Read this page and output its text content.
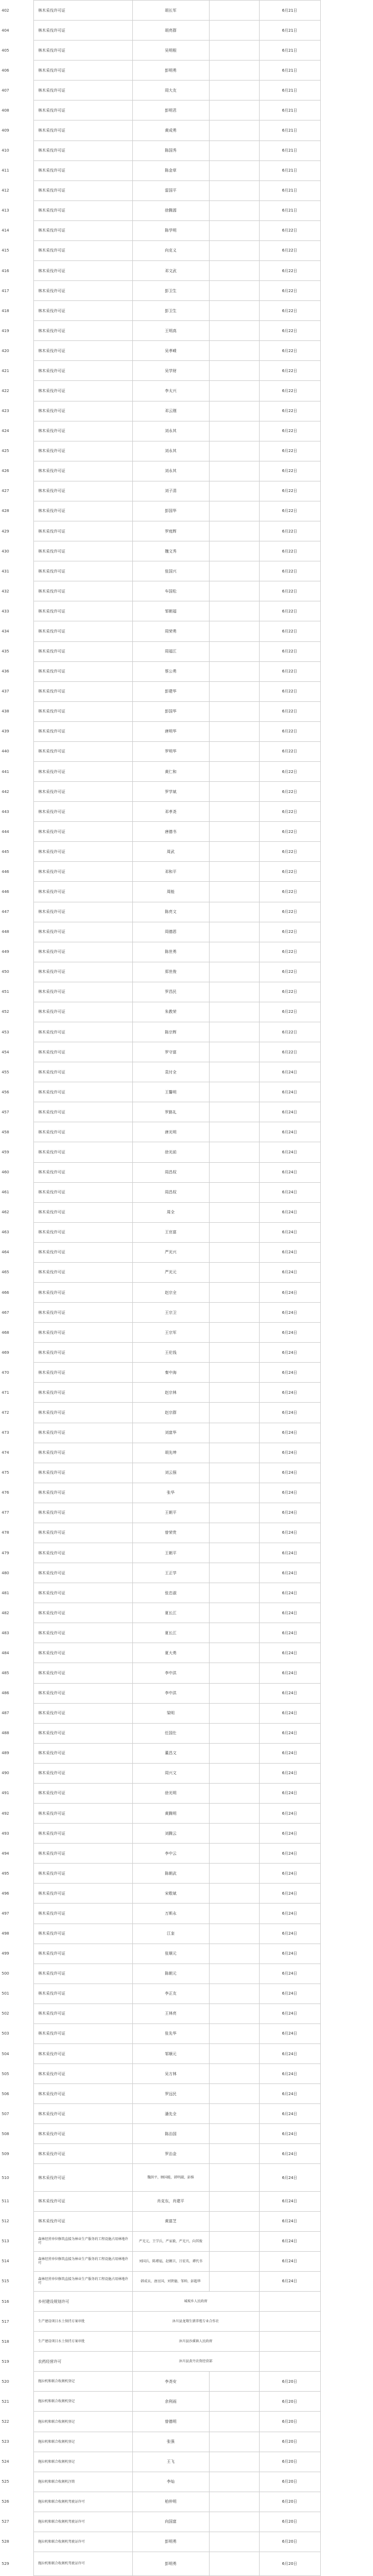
402		林木采伐许可证	胡长军		6月21日	
404		林木采伐许可证	胡亮群		6月21日	
405		林木采伐许可证	吴明根		6月21日	
406		林木采伐许可证	彭明勇		6月21日	
407		林木采伐许可证	周大友		6月21日	
408		林木采伐许可证	彭明君		6月21日	
409		林木采伐许可证	黄成勇		6月21日	
410		林木采伐许可证	陈国秀		6月21日	
411		林木采伐许可证	陈金草		6月21日	
412		林木采伐许可证	雷国平		6月21日	
413		林木采伐许可证	徐腾源		6月21日	
414		林木采伐许可证	陈学明		6月22日	
415		林木采伐许可证	向克义		6月22日	
416		林木采伐许可证	邓文武		6月22日	
417		林木采伐许可证	彭卫生		6月22日	
418		林木采伐许可证	彭卫生		6月22日	
419		林木采伐许可证	王明高		6月22日	
420		林木采伐许可证	吴孝嵘		6月22日	
421		林木采伐许可证	吴学财		6月22日	
422		林木采伐许可证	李太兴		6月22日	
423		林木采伐许可证	邓云刚		6月22日	
424		林木采伐许可证	刘永其		6月22日	
425		林木采伐许可证	刘永其		6月22日	
426		林木采伐许可证	刘永其		6月22日	
427		林木采伐许可证	刘子清		6月22日	
428		林木采伐许可证	彭国华		6月22日	
429		林木采伐许可证	罗庭辉		6月22日	
430		林木采伐许可证	魏文秀		6月22日	
431		林木采伐许可证	张国兴		6月22日	
432		林木采伐许可证	车国松		6月22日	
433		林木采伐许可证	邹朝福		6月22日	
434		林木采伐许可证	周荣勇		6月22日	
435		林木采伐许可证	周福江		6月22日	
436		林木采伐许可证	蔡公勇		6月22日	
437		林木采伐许可证	彭建华		6月22日	
438		林木采伐许可证	彭国华		6月22日	
439		林木采伐许可证	唐明华		6月22日	
440		林木采伐许可证	罗明华		6月22日	
441		林木采伐许可证	黄仁和		6月22日	
442		林木采伐许可证	罗学斌		6月22日	
443		林木采伐许可证	邓孝尧		6月22日	
444		林木采伐许可证	唐德书		6月22日	
445		林木采伐许可证	周武		6月22日	
446		林木采伐许可证	邓和平		6月22日	
446		林木采伐许可证	周能		6月22日	
447		林木采伐许可证	陈亮文		6月22日	
448		林木采伐许可证	周德恩		6月22日	
449		林木采伐许可证	陈世勇		6月22日	
450		林木采伐许可证	郑世俊		6月22日	
451		林木采伐许可证	罗昌民		6月22日	
452		林木采伐许可证	朱教荣		6月22日	
453		林木采伐许可证	陈宗辉		6月22日	
454		林木采伐许可证	罗守富		6月22日	
455		林木采伐许可证	袁付全		6月24日	
456		林木采伐许可证	王馨明		6月24日	
457		林木采伐许可证	罗路礼		6月24日	
458		林木采伐许可证	唐光明		6月24日	
459		林木采伐许可证	徐光前		6月24日	
460		林木采伐许可证	周昌权		6月24日	
461		林木采伐许可证	周昌权		6月24日	
462		林木采伐许可证	周全		6月24日	
463		林木采伐许可证	王官富		6月24日	
464		林木采伐许可证	严光兴		6月24日	
465		林木采伐许可证	严光元		6月24日	
466		林木采伐许可证	赵宗全		6月24日	
467		林木采伐许可证	王宗卫		6月24日	
468		林木采伐许可证	王宗军		6月24日	
469		林木采伐许可证	王伦钱		6月24日	
470		林木采伐许可证	秦中海		6月24日	
471		林木采伐许可证	赵宗林		6月24日	
472		林木采伐许可证	赵宗群		6月24日	
473		林木采伐许可证	刘富华		6月24日	
474		林木采伐许可证	胡先坤		6月24日	
475		林木采伐许可证	刘云强		6月24日	
476		林木采伐许可证	张华		6月24日	
477		林木采伐许可证	王朝平		6月24日	
478		林木采伐许可证	曾荣贵		6月24日	
479		林木采伐许可证	王朝平		6月24日	
480		林木采伐许可证	王正学		6月24日	
481		林木采伐许可证	张忠淑		6月24日	
482		林木采伐许可证	夏长江		6月24日	
483		林木采伐许可证	夏长江		6月24日	
484		林木采伐许可证	夏大勇		6月24日	
485		林木采伐许可证	李中洪		6月24日	
486		林木采伐许可证	李中洪		6月24日	
487		林木采伐许可证	梁明		6月24日	
488		林木采伐许可证	任国仕		6月24日	
489		林木采伐许可证	董昌文		6月24日	
490		林木采伐许可证	周兴文		6月24日	
491		林木采伐许可证	徐光明		6月24日	
492		林木采伐许可证	黄腾明		6月24日	
493		林木采伐许可证	刘腾云		6月24日	
494		林木采伐许可证	李中云		6月24日	
495		林木采伐许可证	陈朝武		6月24日	
496		林木采伐许可证	宋敬斌		6月24日	
497		林木采伐许可证	万斯永		6月24日	
498		林木采伐许可证	江奎		6月24日	
499		林木采伐许可证	张顺元		6月24日	
500		林木采伐许可证	陈朝元		6月24日	
501		林木采伐许可证	李正友		6月24日	
502		林木采伐许可证	王林亮		6月24日	
503		林木采伐许可证	张先华		6月24日	
504		林木采伐许可证	邹顺元		6月24日	
505		林木采伐许可证	吴方林		6月24日	
506		林木采伐许可证	罗远民		6月24日	
507		林木采伐许可证	潘先全		6月24日	
508		林木采伐许可证	陈治国		6月24日	
509		林木采伐许可证	罗治金		6月24日	
510		林木采伐许可证	魏洪平，顾国能，韩明淑，彭维		6月24日	
511		林木采伐许可证	肖克东，肖建平		6月24日	
512		林木采伐许可证	黄富芝		6月24日	
513		森林经营单位修筑直接为林业生产服务的工程设施占用林地许可	严光元，王学兵，严家毅，严光兴，向其俊		6月24日	
514		森林经营单位修筑直接为林业生产服务的工程设施占用林地许可	刘国兵，陈增福，赵翱卫，吕宏英，谭代书		6月24日	
515		森林经营单位修筑直接为林业生产服务的工程设施占用林地许可	韩成员，唐应国，刘贤德，邹帅，彭超华		6月24日	
516		乡村建设规划许可	城坡乡人民政府			
517		生产建设项目水土保持方案审批	沐川县龙翔生猪养殖专业合作社			
518		生产建设项目水土保持方案审批	沐川县沙溪镇人民政府			
519		农药经营许可	沐川县黄丹农资经营部			
520		拖拉机和联合收割机登记	李尧安		6月20日	
521		拖拉机和联合收割机登记	余利雨		6月20日	
522		拖拉机和联合收割机登记	曾德明		6月20日	
523		拖拉机和联合收割机登记	张强		6月20日	
524		拖拉机和联合收割机登记	王飞		6月20日	
525		拖拉机和联合收割机注销	李灿		6月20日	
526		拖拉机和联合收割机驾驶证许可	柏仲明		6月20日	
527		拖拉机和联合收割机驾驶证许可	向国富		6月20日	
528		拖拉机和联合收割机驾驶证许可	彭明勇		6月20日	
529		拖拉机和联合收割机驾驶证许可	彭明勇		6月20日	
